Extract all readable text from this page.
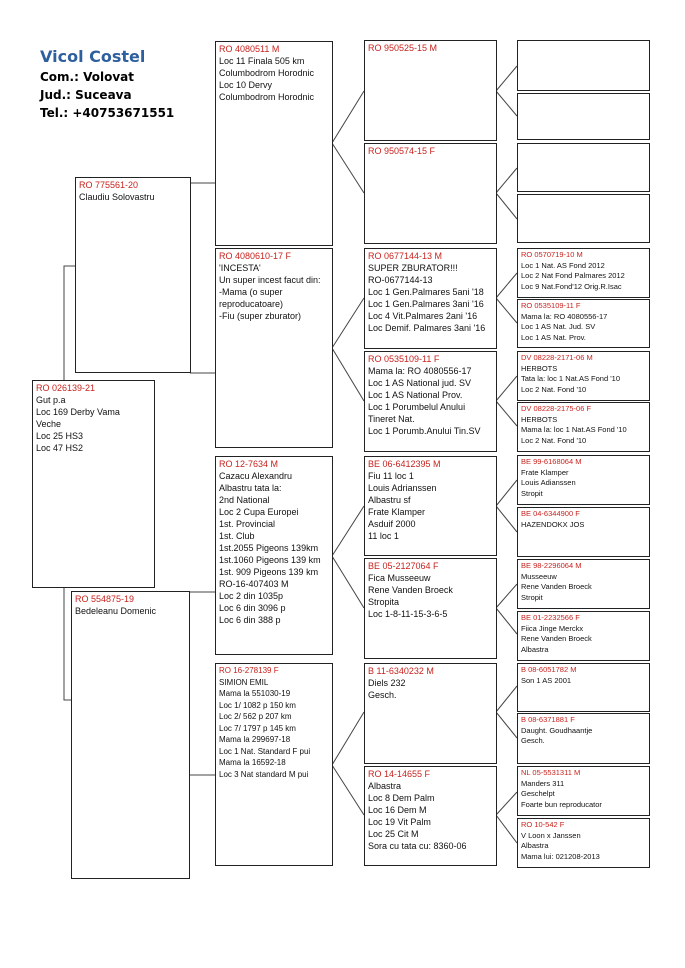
Vicol Costel
Com.: Volovat
Jud.: Suceava
Tel.: +40753671551
RO 026139-21
Gut p.a
Loc 169 Derby Vama
Veche
Loc 25 HS3
Loc 47 HS2
RO 775561-20
Claudiu Solovastru
RO 554875-19
Bedeleanu Domenic
RO 4080511 M
Loc 11 Finala 505 km
Columbodrom Horodnic
Loc 10 Dervy
Columbodrom Horodnic
RO 4080610-17 F
'INCESTA'
Un super incest facut din:
-Mama (o super
reproducatoare)
-Fiu (super zburator)
RO 12-7634 M
Cazacu Alexandru
Albastru tata la:
2nd National
Loc 2 Cupa Europei
1st. Provincial
1st. Club
1st.2055 Pigeons 139km
1st.1060 Pigeons 139 km
1st. 909 Pigeons 139 km
RO-16-407403 M
Loc 2 din 1035p
Loc 6 din 3096 p
Loc 6 din 388 p
RO 16-278139 F
SIMION EMIL
Mama la 551030-19
Loc 1/ 1082 p 150 km
Loc 2/ 562 p 207 km
Loc 7/ 1797 p 145 km
Mama la 299697-18
Loc 1 Nat. Standard F pui
Mama la 16592-18
Loc 3 Nat standard M pui
RO 950525-15 M
RO 950574-15 F
RO 0677144-13 M
SUPER ZBURATOR!!!
RO-0677144-13
Loc 1 Gen.Palmares 5ani '18
Loc 1 Gen.Palmares 3ani '16
Loc 4 Vit.Palmares 2ani '16
Loc Demif. Palmares 3ani '16
RO 0535109-11 F
Mama la: RO 4080556-17
Loc 1 AS National jud. SV
Loc 1 AS National Prov.
Loc 1 Porumbelul Anului
Tineret Nat.
Loc 1 Porumb.Anului Tin.SV
BE 06-6412395 M
Fiu 11 loc 1
Louis Adrianssen
Albastru sf
Frate Klamper
Asduif 2000
11 loc 1
BE 05-2127064 F
Fica Musseeuw
Rene Vanden Broeck
Stropita
Loc 1-8-11-15-3-6-5
B 11-6340232 M
Diels 232
Gesch.
RO 14-14655 F
Albastra
Loc 8 Dem Palm
Loc 16 Dem M
Loc 19 Vit Palm
Loc 25 Cit M
Sora cu tata cu: 8360-06
RO 0570719-10 M
Loc 1 Nat. AS Fond 2012
Loc 2 Nat Fond Palmares 2012
Loc 9 Nat.Fond'12 Orig.R.Isac
RO 0535109-11 F
Mama la: RO 4080556-17
Loc 1 AS Nat. Jud. SV
Loc 1 AS Nat. Prov.
DV 08228-2171-06 M
HERBOTS
Tata la: loc 1 Nat.AS Fond '10
Loc 2 Nat. Fond '10
DV 08228-2175-06 F
HERBOTS
Mama la: loc 1 Nat.AS Fond '10
Loc 2 Nat. Fond '10
BE 99-6168064 M
Frate Klamper
Louis Adianssen
Stropit
BE 04-6344900 F
HAZENDOKX JOS
BE 98-2296064 M
Musseeuw
Rene Vanden Broeck
Stropit
BE 01-2232566 F
Fiica Jinge Merckx
Rene Vanden Broeck
Albastra
B 08-6051782 M
Son 1 AS 2001
B 08-6371881 F
Daught. Goudhaantje
Gesch.
NL 05-5531311 M
Manders 311
Geschelpt
Foarte bun reproducator
RO 10-542 F
V Loon x Janssen
Albastra
Mama lui: 021208-2013
